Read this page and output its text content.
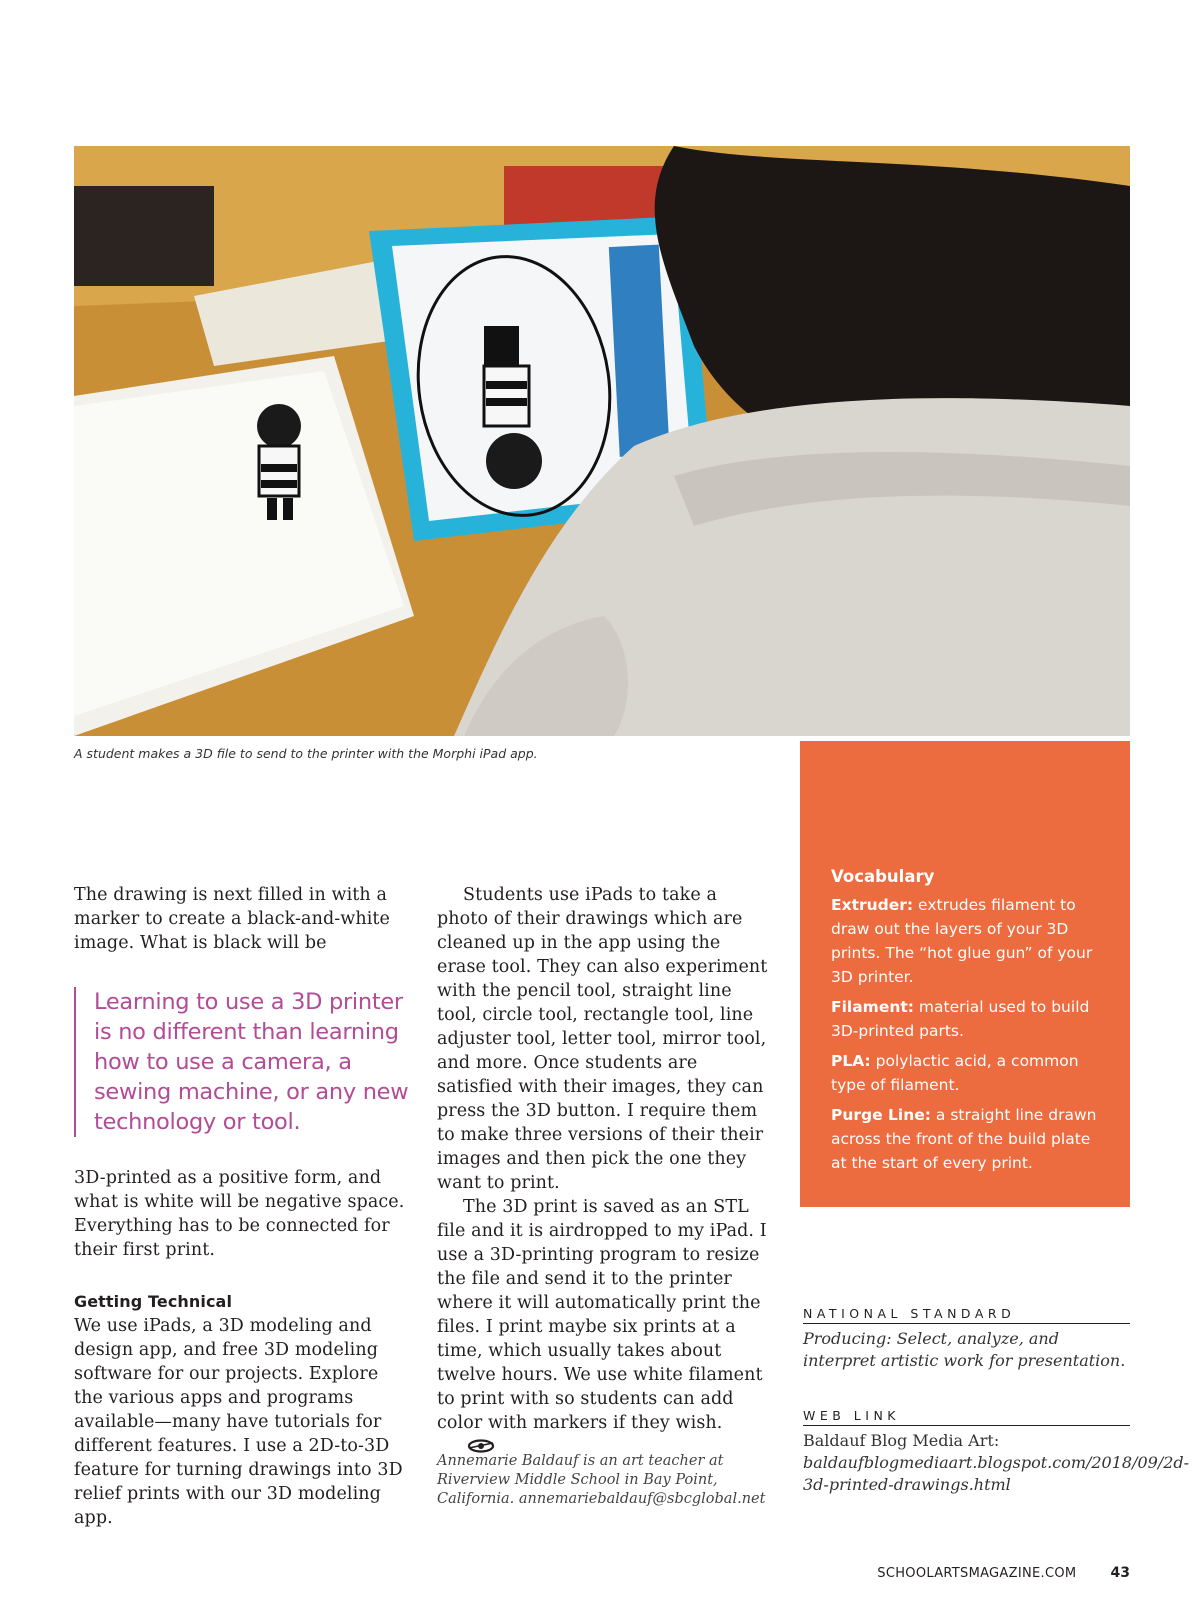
A student makes a 3D file to send to the printer with the Morphi iPad app.

The drawing is next filled in with a marker to create a black-and-white image. What is black will be

Learning to use a 3D printer is no different than learning how to use a camera, a sewing machine, or any new technology or tool.

3D-printed as a positive form, and what is white will be negative space. Everything has to be connected for their first print.

Getting Technical

We use iPads, a 3D modeling and design app, and free 3D modeling software for our projects. Explore the various apps and programs available—many have tutorials for different features. I use a 2D-to-3D feature for turning drawings into 3D relief prints with our 3D modeling app.

Students use iPads to take a photo of their drawings which are cleaned up in the app using the erase tool. They can also experiment with the pencil tool, straight line tool, circle tool, rectangle tool, line adjuster tool, letter tool, mirror tool, and more. Once students are satisfied with their images, they can press the 3D button. I require them to make three versions of their their images and then pick the one they want to print.

The 3D print is saved as an STL file and it is airdropped to my iPad. I use a 3D-printing program to resize the file and send it to the printer where it will automatically print the files. I print maybe six prints at a time, which usually takes about twelve hours. We use white filament to print with so students can add color with markers if they wish.

Annemarie Baldauf is an art teacher at Riverview Middle School in Bay Point, California. annemariebaldauf@sbcglobal.net
Vocabulary

Extruder: extrudes filament to draw out the layers of your 3D prints. The “hot glue gun” of your 3D printer.

Filament: material used to build 3D-printed parts.

PLA: polylactic acid, a common type of filament.

Purge Line: a straight line drawn across the front of the build plate at the start of every print.

NATIONAL STANDARD
Producing: Select, analyze, and interpret artistic work for presentation.
WEB LINK
Baldauf Blog Media Art: baldaufblogmediaart.blogspot.com/2018/09/2d-3d-printed-drawings.html
SCHOOLARTSMAGAZINE.COM 43
